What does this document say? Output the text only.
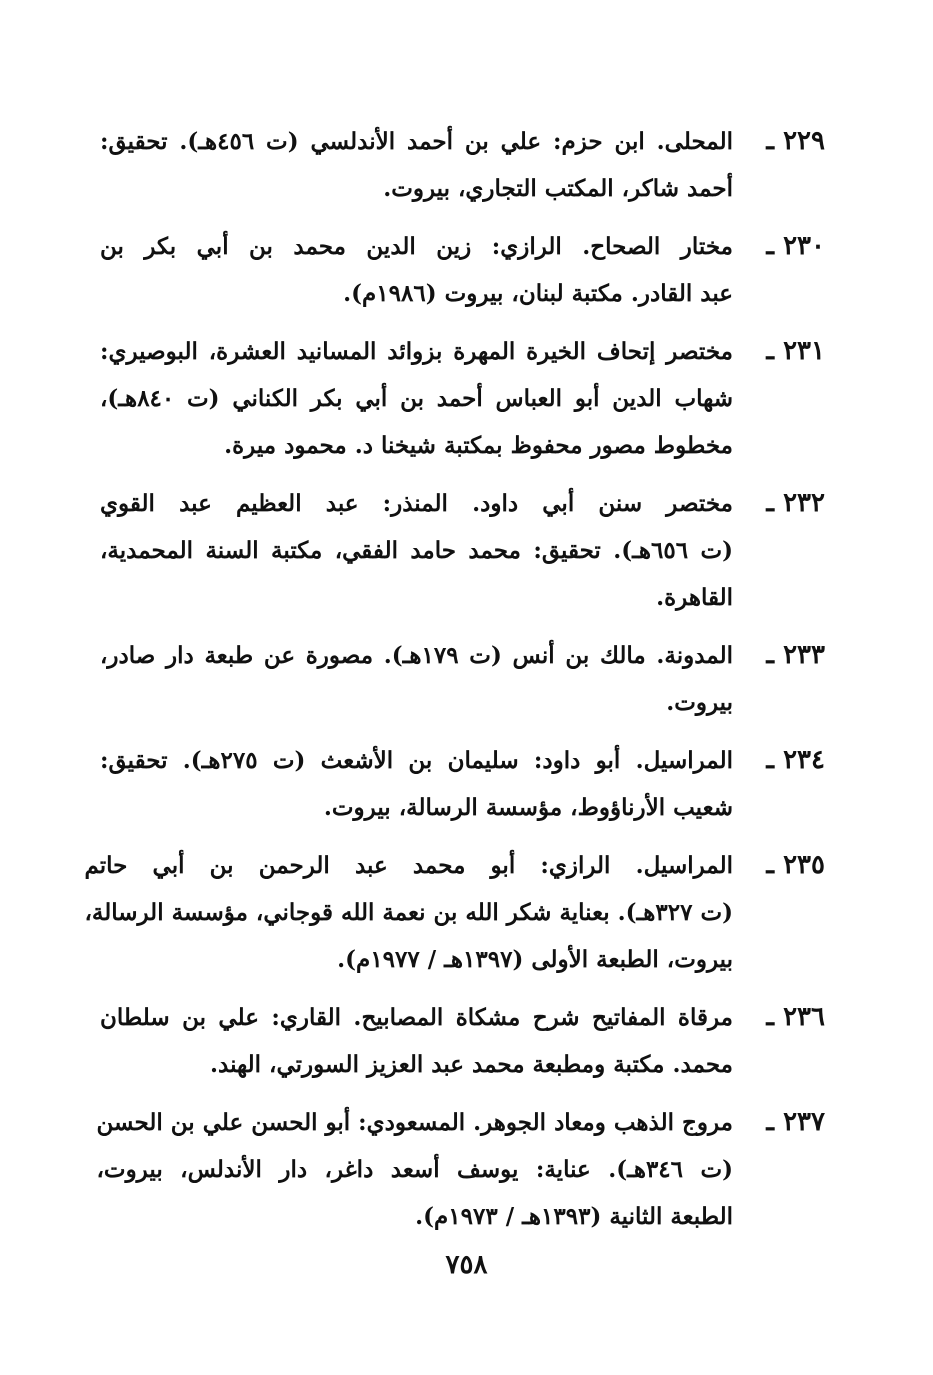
٢٢٩ ـ
المحلى. ابن حزم: علي بن أحمد الأندلسي (ت ٤٥٦هـ). تحقيق:
أحمد شاكر، المكتب التجاري، بيروت.
٢٣٠ ـ
مختار الصحاح. الرازي: زين الدين محمد بن أبي بكر بن
عبد القادر. مكتبة لبنان، بيروت (١٩٨٦م).
٢٣١ ـ
مختصر إتحاف الخيرة المهرة بزوائد المسانيد العشرة، البوصيري:
شهاب الدين أبو العباس أحمد بن أبي بكر الكناني (ت ٨٤٠هـ)،
مخطوط مصور محفوظ بمكتبة شيخنا د. محمود ميرة.
٢٣٢ ـ
مختصر سنن أبي داود. المنذر: عبد العظيم عبد القوي
(ت ٦٥٦هـ). تحقيق: محمد حامد الفقي، مكتبة السنة المحمدية،
القاهرة.
٢٣٣ ـ
المدونة. مالك بن أنس (ت ١٧٩هـ). مصورة عن طبعة دار صادر،
بيروت.
٢٣٤ ـ
المراسيل. أبو داود: سليمان بن الأشعث (ت ٢٧٥هـ). تحقيق:
شعيب الأرناؤوط، مؤسسة الرسالة، بيروت.
٢٣٥ ـ
المراسيل. الرازي: أبو محمد عبد الرحمن بن أبي حاتم
(ت ٣٢٧هـ). بعناية شكر الله بن نعمة الله قوجاني، مؤسسة الرسالة،
بيروت، الطبعة الأولى (١٣٩٧هـ / ١٩٧٧م).
٢٣٦ ـ
مرقاة المفاتيح شرح مشكاة المصابيح. القاري: علي بن سلطان
محمد. مكتبة ومطبعة محمد عبد العزيز السورتي، الهند.
٢٣٧ ـ
مروج الذهب ومعاد الجوهر. المسعودي: أبو الحسن علي بن الحسن
(ت ٣٤٦هـ). عناية: يوسف أسعد داغر، دار الأندلس، بيروت،
الطبعة الثانية (١٣٩٣هـ / ١٩٧٣م).
٧٥٨
